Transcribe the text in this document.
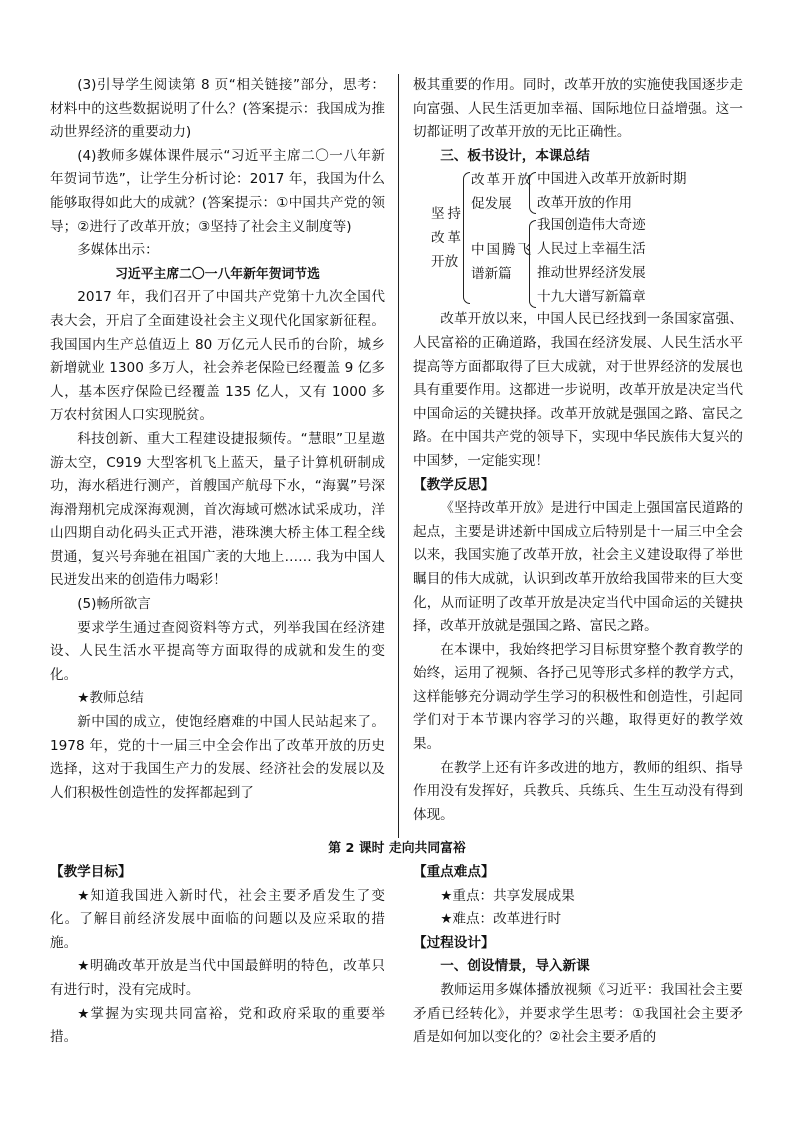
(3)引导学生阅读第 8 页“相关链接”部分，思考：材料中的这些数据说明了什么？(答案提示：我国成为推动世界经济的重要动力)

(4)教师多媒体课件展示“习近平主席二〇一八年新年贺词节选”，让学生分析讨论：2017 年，我国为什么能够取得如此大的成就？(答案提示：①中国共产党的领导；②进行了改革开放；③坚持了社会主义制度等)

多媒体出示：

习近平主席二〇一八年新年贺词节选

2017 年，我们召开了中国共产党第十九次全国代表大会，开启了全面建设社会主义现代化国家新征程。我国国内生产总值迈上 80 万亿元人民币的台阶，城乡新增就业 1300 多万人，社会养老保险已经覆盖 9 亿多人，基本医疗保险已经覆盖 135 亿人，又有 1000 多万农村贫困人口实现脱贫。

科技创新、重大工程建设捷报频传。“慧眼”卫星遨游太空，C919 大型客机飞上蓝天，量子计算机研制成功，海水稻进行测产，首艘国产航母下水，“海翼”号深海滑翔机完成深海观测，首次海域可燃冰试采成功，洋山四期自动化码头正式开港，港珠澳大桥主体工程全线贯通，复兴号奔驰在祖国广袤的大地上…… 我为中国人民迸发出来的创造伟力喝彩！

(5)畅所欲言

要求学生通过查阅资料等方式，列举我国在经济建设、人民生活水平提高等方面取得的成就和发生的变化。

★教师总结

新中国的成立，使饱经磨难的中国人民站起来了。1978 年，党的十一届三中全会作出了改革开放的历史选择，这对于我国生产力的发展、经济社会的发展以及人们积极性创造性的发挥都起到了

极其重要的作用。同时，改革开放的实施使我国逐步走向富强、人民生活更加幸福、国际地位日益增强。这一切都证明了改革开放的无比正确性。

三、板书设计，本课总结

坚持改革开放
改革开放促发展
中国进入改革开放新时期
改革开放的作用
中国腾飞谱新篇
我国创造伟大奇迹
人民过上幸福生活
推动世界经济发展
十九大谱写新篇章

改革开放以来，中国人民已经找到一条国家富强、人民富裕的正确道路，我国在经济发展、人民生活水平提高等方面都取得了巨大成就，对于世界经济的发展也具有重要作用。这都进一步说明，改革开放是决定当代中国命运的关键抉择。改革开放就是强国之路、富民之路。在中国共产党的领导下，实现中华民族伟大复兴的中国梦，一定能实现！

【教学反思】

《坚持改革开放》是进行中国走上强国富民道路的起点，主要是讲述新中国成立后特别是十一届三中全会以来，我国实施了改革开放，社会主义建设取得了举世瞩目的伟大成就，认识到改革开放给我国带来的巨大变化，从而证明了改革开放是决定当代中国命运的关键抉择，改革开放就是强国之路、富民之路。

在本课中，我始终把学习目标贯穿整个教育教学的始终，运用了视频、各抒己见等形式多样的教学方式，这样能够充分调动学生学习的积极性和创造性，引起同学们对于本节课内容学习的兴趣，取得更好的教学效果。

在教学上还有许多改进的地方，教师的组织、指导作用没有发挥好，兵教兵、兵练兵、生生互动没有得到体现。

第 2 课时 走向共同富裕

【教学目标】

★知道我国进入新时代，社会主要矛盾发生了变化。了解目前经济发展中面临的问题以及应采取的措施。

★明确改革开放是当代中国最鲜明的特色，改革只有进行时，没有完成时。

★掌握为实现共同富裕，党和政府采取的重要举措。

【重点难点】

★重点：共享发展成果

★难点：改革进行时

【过程设计】

一、创设情景，导入新课

教师运用多媒体播放视频《习近平：我国社会主要矛盾已经转化》，并要求学生思考：①我国社会主要矛盾是如何加以变化的？②社会主要矛盾的
